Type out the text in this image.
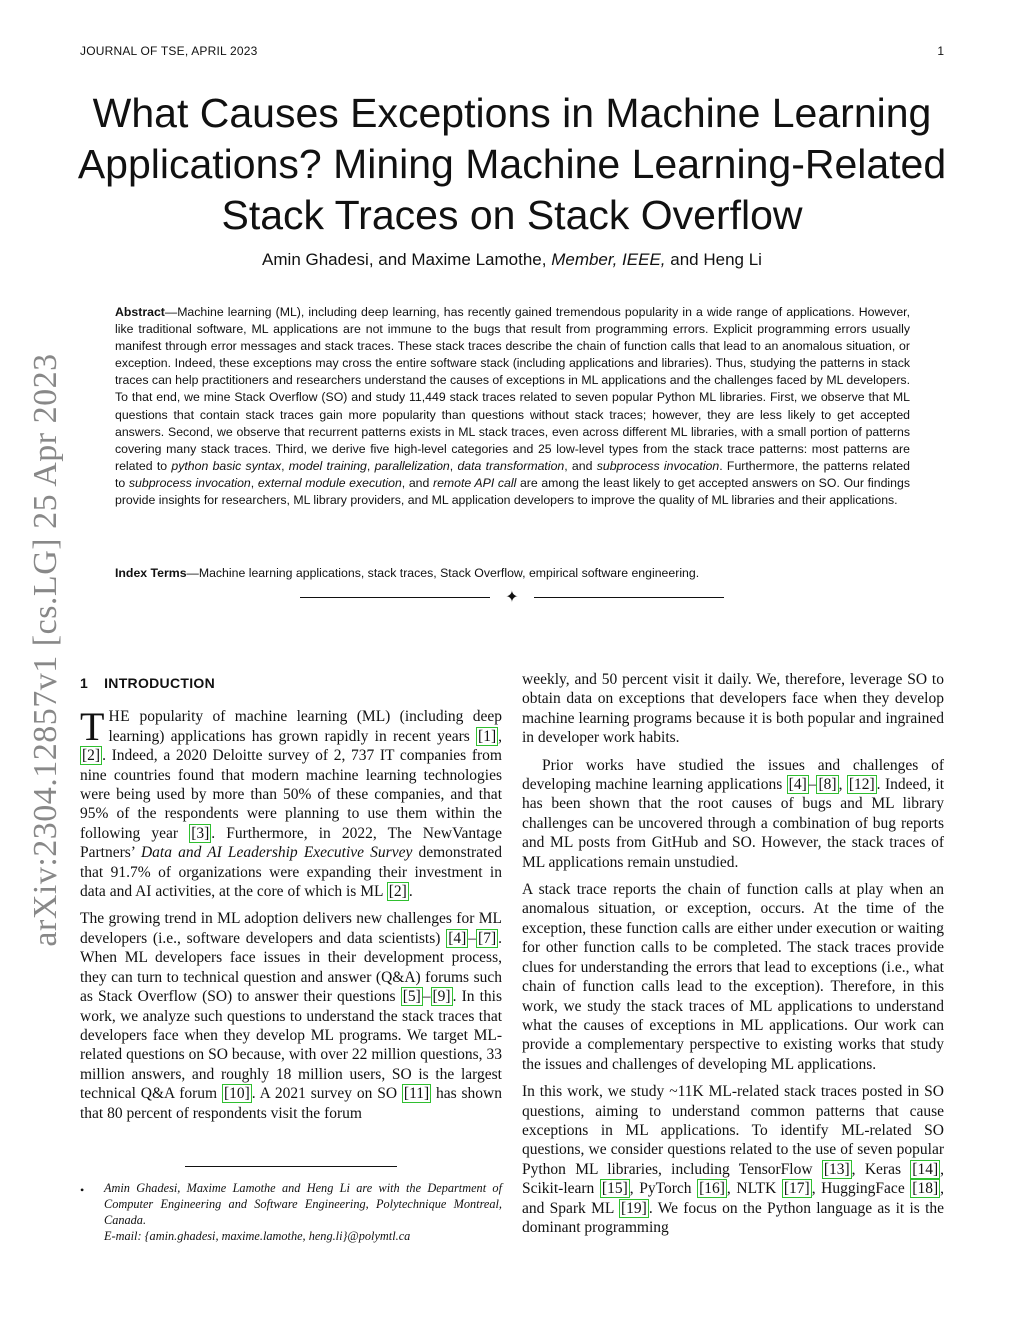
JOURNAL OF TSE, APRIL 2023	1
arXiv:2304.12857v1 [cs.LG] 25 Apr 2023
What Causes Exceptions in Machine Learning Applications? Mining Machine Learning-Related Stack Traces on Stack Overflow
Amin Ghadesi, and Maxime Lamothe, Member, IEEE, and Heng Li

Abstract—Machine learning (ML), including deep learning, has recently gained tremendous popularity in a wide range of applications. However, like traditional software, ML applications are not immune to the bugs that result from programming errors. Explicit programming errors usually manifest through error messages and stack traces. These stack traces describe the chain of function calls that lead to an anomalous situation, or exception. Indeed, these exceptions may cross the entire software stack (including applications and libraries). Thus, studying the patterns in stack traces can help practitioners and researchers understand the causes of exceptions in ML applications and the challenges faced by ML developers. To that end, we mine Stack Overflow (SO) and study 11,449 stack traces related to seven popular Python ML libraries. First, we observe that ML questions that contain stack traces gain more popularity than questions without stack traces; however, they are less likely to get accepted answers. Second, we observe that recurrent patterns exists in ML stack traces, even across different ML libraries, with a small portion of patterns covering many stack traces. Third, we derive five high-level categories and 25 low-level types from the stack trace patterns: most patterns are related to python basic syntax, model training, parallelization, data transformation, and subprocess invocation. Furthermore, the patterns related to subprocess invocation, external module execution, and remote API call are among the least likely to get accepted answers on SO. Our findings provide insights for researchers, ML library providers, and ML application developers to improve the quality of ML libraries and their applications.

Index Terms—Machine learning applications, stack traces, Stack Overflow, empirical software engineering.

✦
1 INTRODUCTION

THE popularity of machine learning (ML) (including deep learning) applications has grown rapidly in recent years [1] , [2] . Indeed, a 2020 Deloitte survey of 2, 737 IT companies from nine countries found that modern machine learning technologies were being used by more than 50% of these companies, and that 95% of the respondents were planning to use them within the following year [3] . Furthermore, in 2022, The NewVantage Partners’ Data and AI Leadership Executive Survey demonstrated that 91.7% of organizations were expanding their investment in data and AI activities, at the core of which is ML [2] .

The growing trend in ML adoption delivers new challenges for ML developers (i.e., software developers and data scientists) [4] – [7] . When ML developers face issues in their development process, they can turn to technical question and answer (Q&A) forums such as Stack Overflow (SO) to answer their questions [5] – [9] . In this work, we analyze such questions to understand the stack traces that developers face when they develop ML programs. We target ML-related questions on SO because, with over 22 million questions, 33 million answers, and roughly 18 million users, SO is the largest technical Q&A forum [10] . A 2021 survey on SO [11] has shown that 80 percent of respondents visit the forum

weekly, and 50 percent visit it daily. We, therefore, leverage SO to obtain data on exceptions that developers face when they develop machine learning programs because it is both popular and ingrained in developer work habits.

Prior works have studied the issues and challenges of developing machine learning applications [4] – [8] , [12] . Indeed, it has been shown that the root causes of bugs and ML library challenges can be uncovered through a combination of bug reports and ML posts from GitHub and SO. However, the stack traces of ML applications remain unstudied.

A stack trace reports the chain of function calls at play when an anomalous situation, or exception, occurs. At the time of the exception, these function calls are either under execution or waiting for other function calls to be completed. The stack traces provide clues for understanding the errors that lead to exceptions (i.e., what chain of function calls lead to the exception). Therefore, in this work, we study the stack traces of ML applications to understand what the causes of exceptions in ML applications. Our work can provide a complementary perspective to existing works that study the issues and challenges of developing ML applications.

In this work, we study ~11K ML-related stack traces posted in SO questions, aiming to understand common patterns that cause exceptions in ML applications. To identify ML-related SO questions, we consider questions related to the use of seven popular Python ML libraries, including TensorFlow [13] , Keras [14] , Scikit-learn [15] , PyTorch [16] , NLTK [17] , HuggingFace [18] , and Spark ML [19] . We focus on the Python language as it is the dominant programming

• Amin Ghadesi, Maxime Lamothe and Heng Li are with the Department of Computer Engineering and Software Engineering, Polytechnique Montreal, Canada.
E-mail: {amin.ghadesi, maxime.lamothe, heng.li}@polymtl.ca
